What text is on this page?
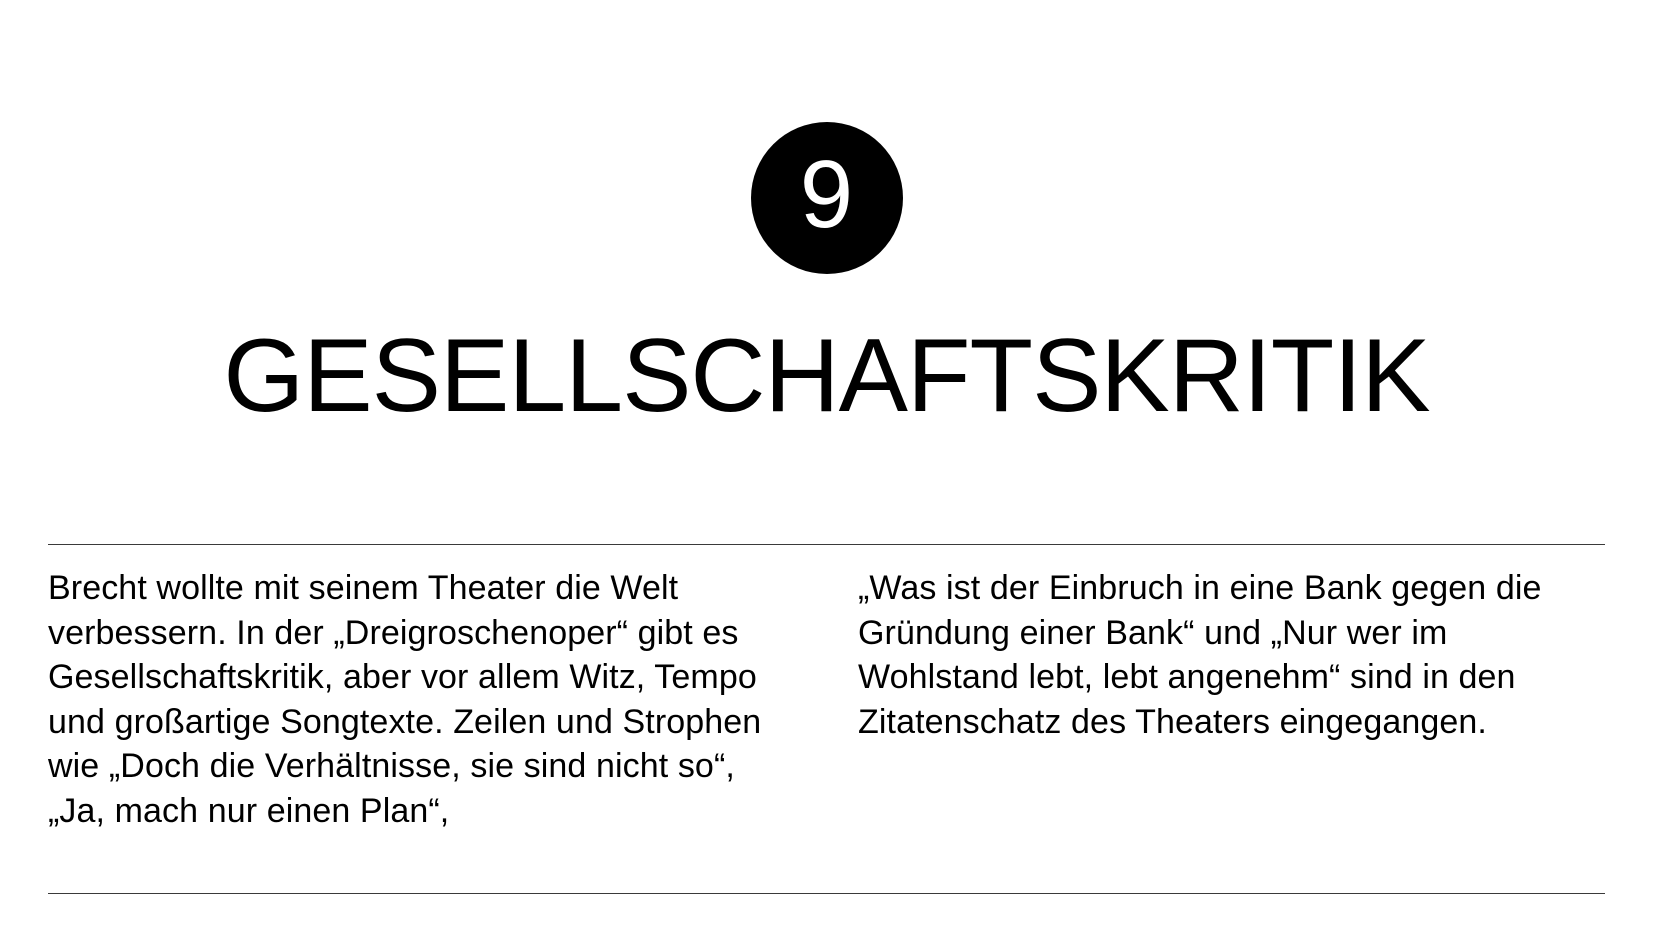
9
GESELLSCHAFTSKRITIK

Brecht wollte mit seinem Theater die Welt verbessern. In der „Dreigroschenoper“ gibt es Gesellschaftskritik, aber vor allem Witz, Tempo und großartige Songtexte. Zeilen und Strophen wie „Doch die Verhältnisse, sie sind nicht so“, „Ja, mach nur einen Plan“,

„Was ist der Einbruch in eine Bank gegen die Gründung einer Bank“ und „Nur wer im Wohlstand lebt, lebt angenehm“ sind in den Zitatenschatz des Theaters eingegangen.
